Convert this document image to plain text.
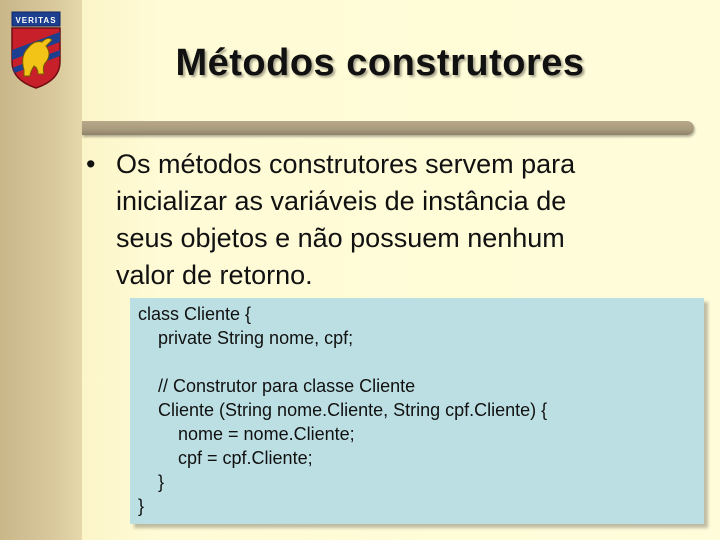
VERITAS
Métodos construtores
• Os métodos construtores servem para
inicializar as variáveis de instância de
seus objetos e não possuem nenhum
valor de retorno.
class Cliente {
private String nome, cpf;
// Construtor para classe Cliente
Cliente (String nome.Cliente, String cpf.Cliente) {
nome = nome.Cliente;
cpf = cpf.Cliente;
}
}
